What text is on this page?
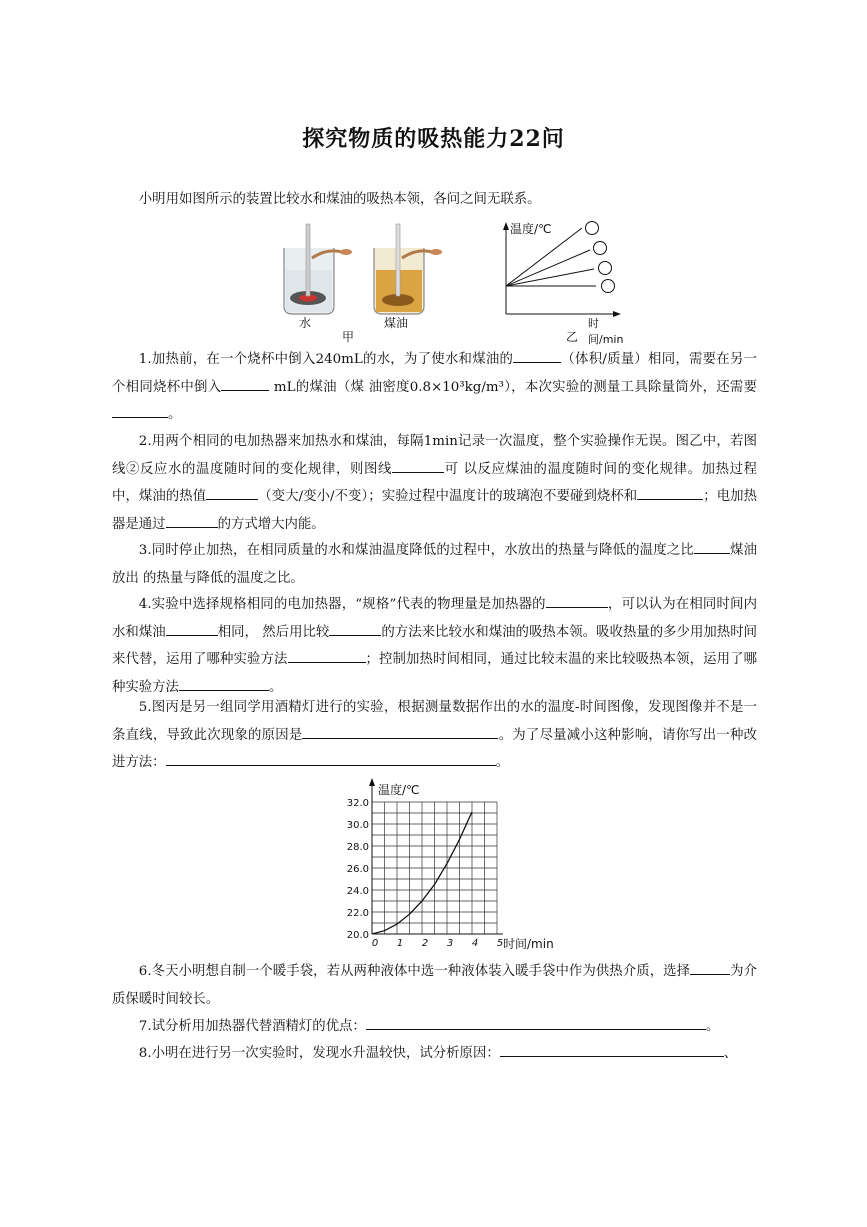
探究物质的吸热能力22问
小明用如图所示的装置比较水和煤油的吸热本领，各问之间无联系。
温度/℃
时间/min
水	煤油
甲	乙
1.加热前，在一个烧杯中倒入240mL的水，为了使水和煤油的	（体积/质量）相同，需要在另一个相同烧杯中倒入	mL的煤油（煤 油密度0.8×10³kg/m³），本次实验的测量工具除量筒外，还需要。
2.用两个相同的电加热器来加热水和煤油，每隔1min记录一次温度，整个实验操作无误。图乙中，若图线②反应水的温度随时间的变化规律，则图线	可 以反应煤油的温度随时间的变化规律。加热过程中，煤油的热值	（变大/变小/不变）；实验过程中温度计的玻璃泡不要碰到烧杯和	；电加热器是通过	的方式增大内能。
3.同时停止加热，在相同质量的水和煤油温度降低的过程中，水放出的热量与降低的温度之比	煤油放出 的热量与降低的温度之比。
4.实验中选择规格相同的电加热器，“规格”代表的物理量是加热器的	，可以认为在相同时间内水和煤油	相同， 然后用比较	的方法来比较水和煤油的吸热本领。吸收热量的多少用加热时间来代替，运用了哪种实验方法	；控制加热时间相同，通过比较末温的来比较吸热本领，运用了哪种实验方法	。
5.图丙是另一组同学用酒精灯进行的实验，根据测量数据作出的水的温度-时间图像，发现图像并不是一条直线，导致此次现象的原因是	。为了尽量减小这种影响，请你写出一种改进方法：	。
0 1 2 3 4 5
20.0
22.0
24.0
26.0
28.0
30.0
32.0
温度/℃
时间/min
6.冬天小明想自制一个暖手袋，若从两种液体中选一种液体装入暖手袋中作为供热介质，选择	为介质保暖时间较长。
7.试分析用加热器代替酒精灯的优点：	。
8.小明在进行另一次实验时，发现水升温较快，试分析原因：	、
